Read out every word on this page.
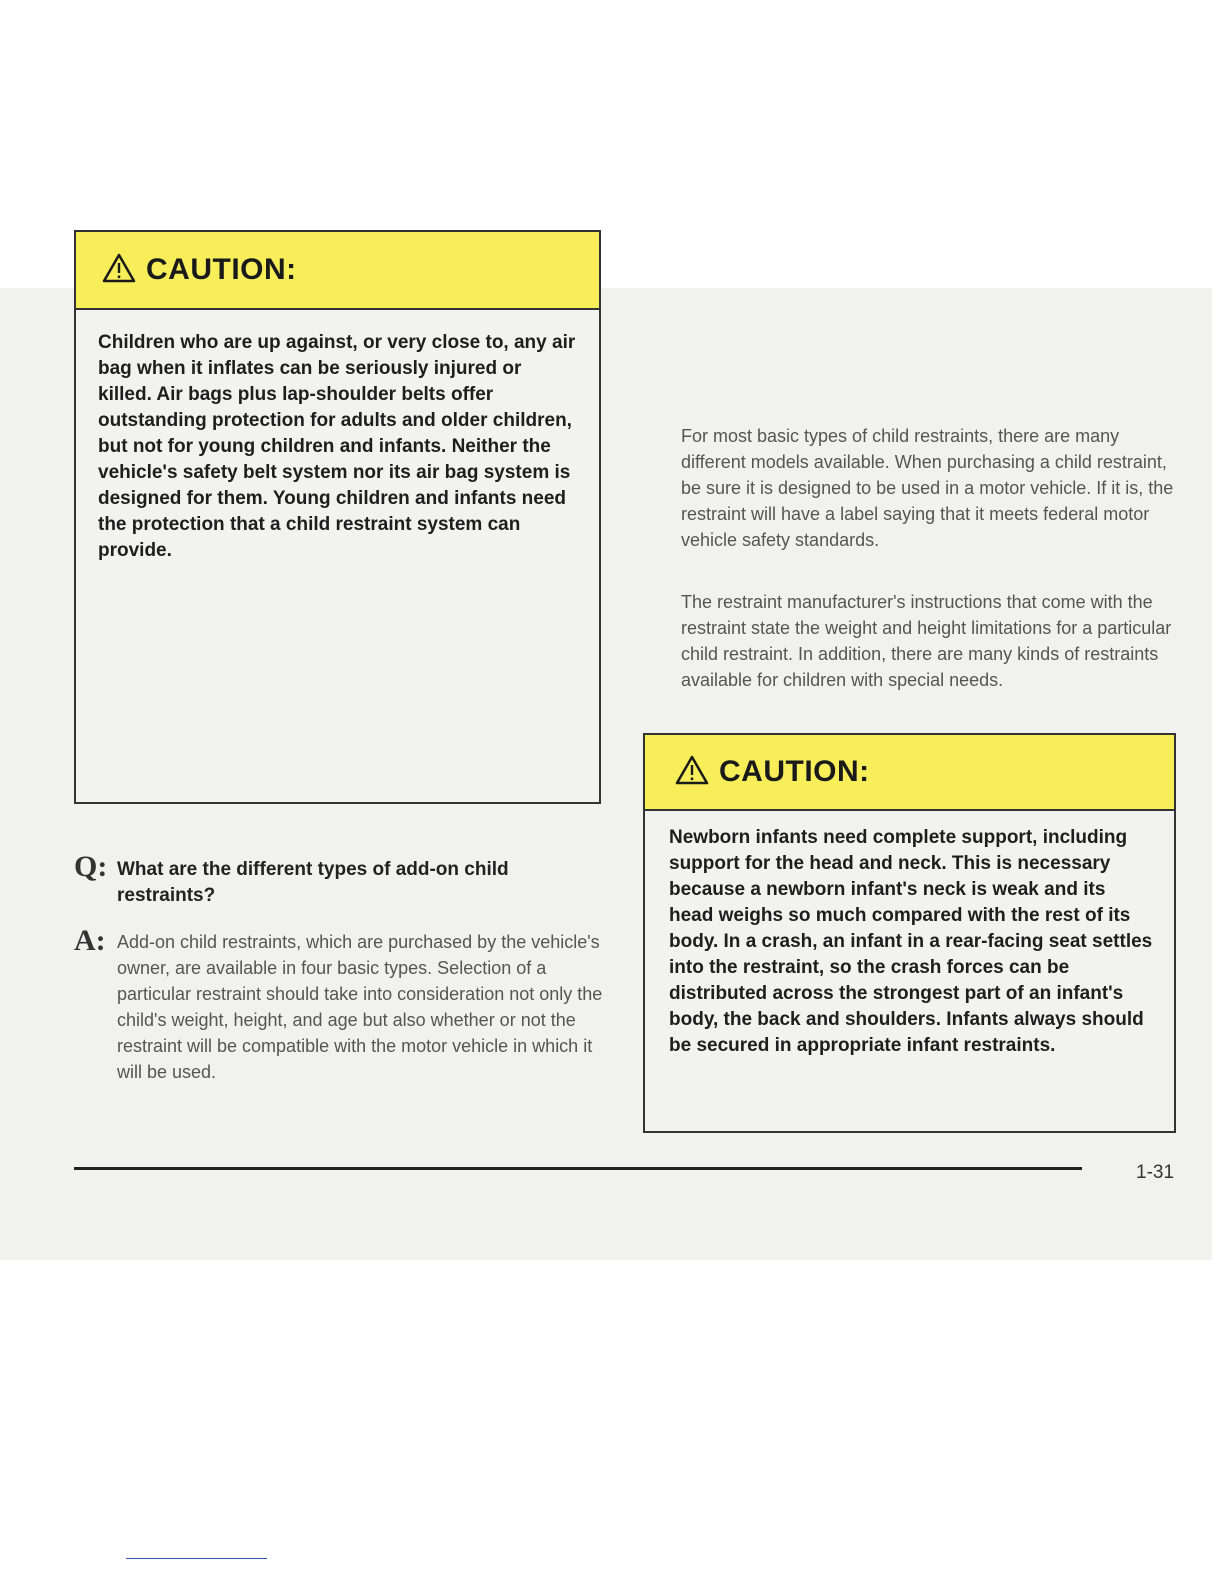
CAUTION:

Children who are up against, or very close to, any air bag when it inflates can be seriously injured or killed. Air bags plus lap-shoulder belts offer outstanding protection for adults and older children, but not for young children and infants. Neither the vehicle's safety belt system nor its air bag system is designed for them. Young children and infants need the protection that a child restraint system can provide.

Q: What are the different types of add-on child restraints?
A: Add-on child restraints, which are purchased by the vehicle's owner, are available in four basic types. Selection of a particular restraint should take into consideration not only the child's weight, height, and age but also whether or not the restraint will be compatible with the motor vehicle in which it will be used.

For most basic types of child restraints, there are many different models available. When purchasing a child restraint, be sure it is designed to be used in a motor vehicle. If it is, the restraint will have a label saying that it meets federal motor vehicle safety standards.

The restraint manufacturer's instructions that come with the restraint state the weight and height limitations for a particular child restraint. In addition, there are many kinds of restraints available for children with special needs.

CAUTION:

Newborn infants need complete support, including support for the head and neck. This is necessary because a newborn infant's neck is weak and its head weighs so much compared with the rest of its body. In a crash, an infant in a rear-facing seat settles into the restraint, so the crash forces can be distributed across the strongest part of an infant's body, the back and shoulders. Infants always should be secured in appropriate infant restraints.

1-31
